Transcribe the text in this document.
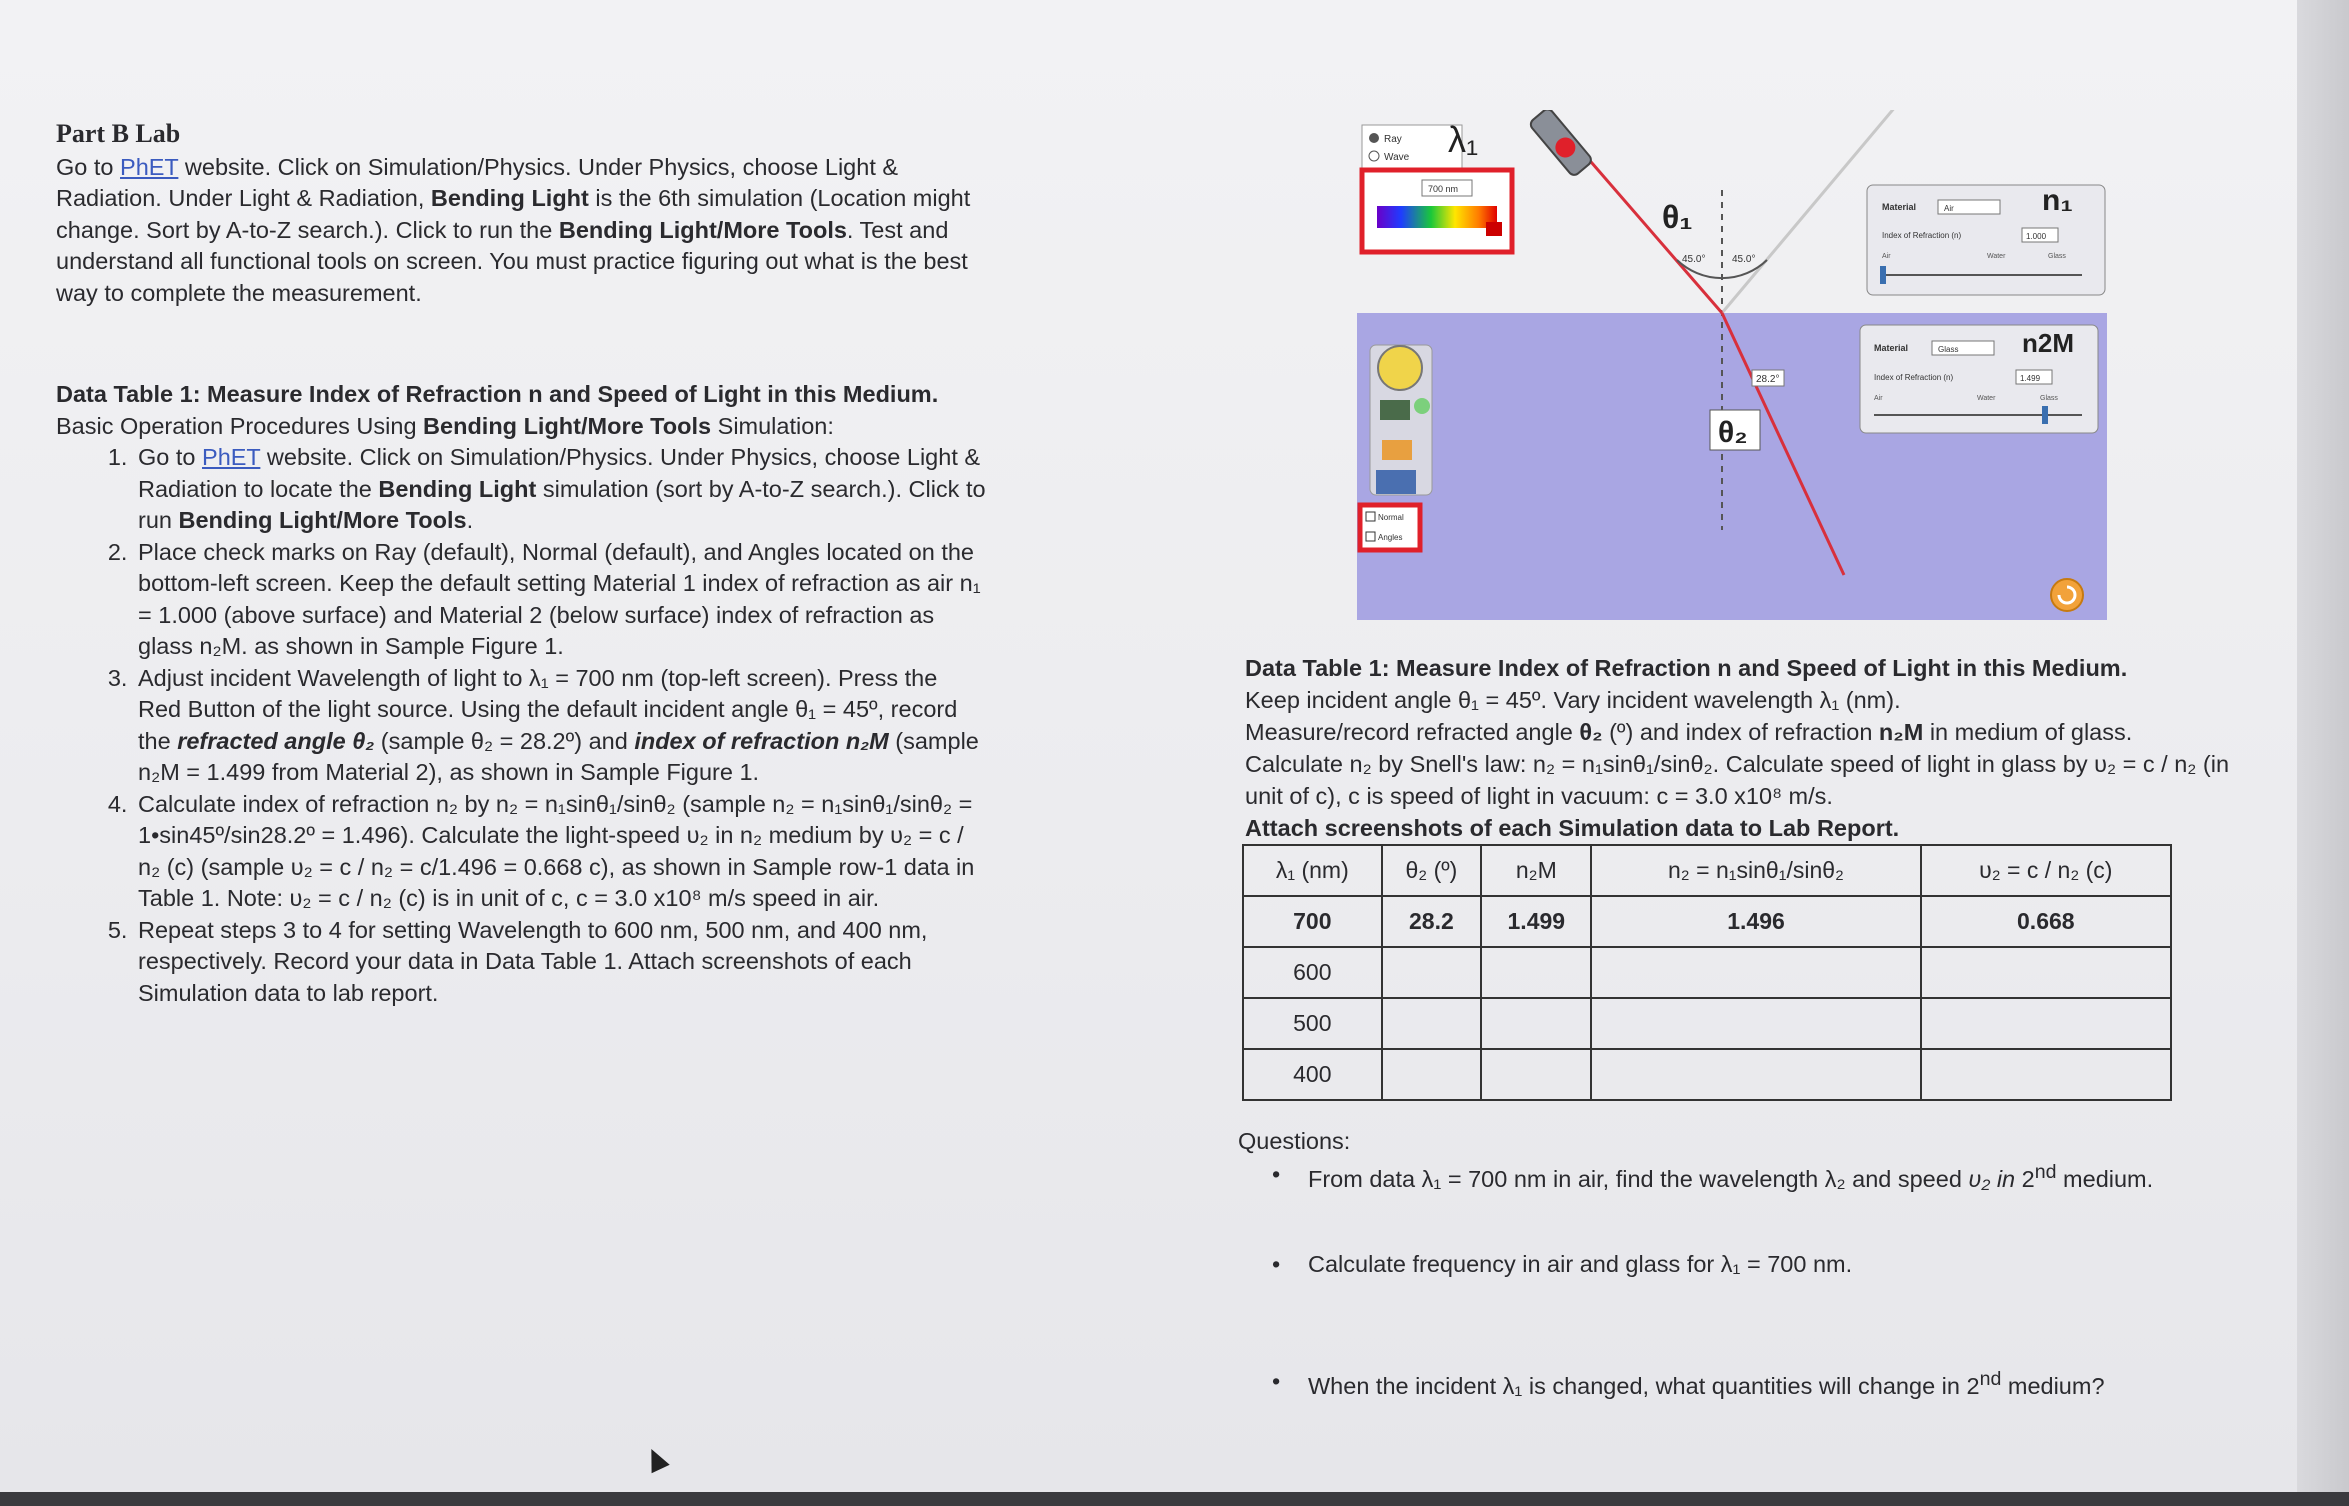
Part B Lab

Go to PhET website. Click on Simulation/Physics. Under Physics, choose Light & Radiation. Under Light & Radiation, Bending Light is the 6th simulation (Location might change. Sort by A-to-Z search.). Click to run the Bending Light/More Tools. Test and understand all functional tools on screen. You must practice figuring out what is the best way to complete the measurement.

Data Table 1: Measure Index of Refraction n and Speed of Light in this Medium.

Basic Operation Procedures Using Bending Light/More Tools Simulation:

1. Go to PhET website. Click on Simulation/Physics. Under Physics, choose Light & Radiation to locate the Bending Light simulation (sort by A-to-Z search.). Click to run Bending Light/More Tools.
2. Place check marks on Ray (default), Normal (default), and Angles located on the bottom-left screen. Keep the default setting Material 1 index of refraction as air n₁ = 1.000 (above surface) and Material 2 (below surface) index of refraction as glass n₂M. as shown in Sample Figure 1.
3. Adjust incident Wavelength of light to λ₁ = 700 nm (top-left screen). Press the Red Button of the light source. Using the default incident angle θ₁ = 45º, record the refracted angle θ₂ (sample θ₂ = 28.2º) and index of refraction n₂M (sample n₂M = 1.499 from Material 2), as shown in Sample Figure 1.
4. Calculate index of refraction n₂ by n₂ = n₁sinθ₁/sinθ₂ (sample n₂ = n₁sinθ₁/sinθ₂ = 1•sin45º/sin28.2º = 1.496). Calculate the light-speed υ₂ in n₂ medium by υ₂ = c / n₂ (c) (sample υ₂ = c / n₂ = c/1.496 = 0.668 c), as shown in Sample row-1 data in Table 1. Note: υ₂ = c / n₂ (c) is in unit of c, c = 3.0 x10⁸ m/s speed in air.
5. Repeat steps 3 to 4 for setting Wavelength to 600 nm, 500 nm, and 400 nm, respectively. Record your data in Data Table 1. Attach screenshots of each Simulation data to lab report.
45.0°	45.0°
28.2°
θ₁
θ₂
Ray
Wave λ₁
700 nm
Normal
Angles
Material	Air	n₁
Index of Refraction (n)	1.000
Air	Water	Glass
Material	Glass n2M
Index of Refraction (n)	1.499
Air	Water	Glass
Data Table 1: Measure Index of Refraction n and Speed of Light in this Medium.
Keep incident angle θ₁ = 45º. Vary incident wavelength λ₁ (nm).
Measure/record refracted angle θ₂ (º) and index of refraction n₂M in medium of glass.
Calculate n₂ by Snell's law: n₂ = n₁sinθ₁/sinθ₂. Calculate speed of light in glass by υ₂ = c / n₂ (in unit of c), c is speed of light in vacuum: c = 3.0 x10⁸ m/s.
Attach screenshots of each Simulation data to Lab Report.
λ₁ (nm)	θ₂ (º)	n₂M	n₂ = n₁sinθ₁/sinθ₂	υ₂ = c / n₂ (c)
700	28.2	1.499	1.496	0.668
600				
500				
400				

Questions:

• From data λ₁ = 700 nm in air, find the wavelength λ₂ and speed υ₂ in 2nd medium.

• Calculate frequency in air and glass for λ₁ = 700 nm.

• When the incident λ₁ is changed, what quantities will change in 2nd medium?
